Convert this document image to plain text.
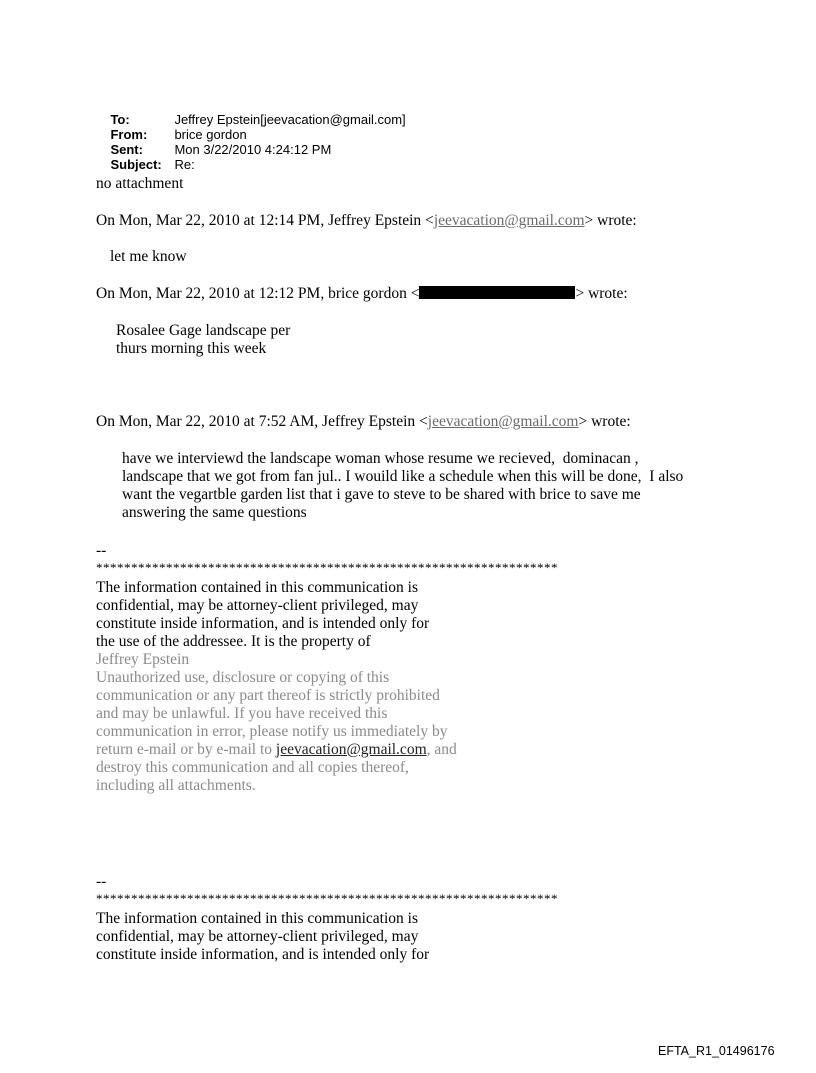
To:	Jeffrey Epstein[jeevacation@gmail.com]

From: brice gordon

Sent: Mon 3/22/2010 4:24:12 PM

Subject: Re:

no attachment
On Mon, Mar 22, 2010 at 12:14 PM, Jeffrey Epstein <jeevacation@gmail.com> wrote:
let me know
On Mon, Mar 22, 2010 at 12:12 PM, brice gordon <	> wrote:
Rosalee Gage landscape per
thurs morning this week
On Mon, Mar 22, 2010 at 7:52 AM, Jeffrey Epstein <jeevacation@gmail.com> wrote:
have we interviewd the landscape woman whose resume we recieved,  dominacan ,
landscape that we got from fan jul.. I wouild like a schedule when this will be done,  I also
want the vegartble garden list that i gave to steve to be shared with brice to save me
answering the same questions
--
******************************************************************
The information contained in this communication is
confidential, may be attorney-client privileged, may
constitute inside information, and is intended only for
the use of the addressee. It is the property of
Jeffrey Epstein
Unauthorized use, disclosure or copying of this
communication or any part thereof is strictly prohibited
and may be unlawful. If you have received this
communication in error, please notify us immediately by
return e-mail or by e-mail to jeevacation@gmail.com, and
destroy this communication and all copies thereof,
including all attachments.
--
******************************************************************
The information contained in this communication is
confidential, may be attorney-client privileged, may
constitute inside information, and is intended only for
EFTA_R1_01496176
